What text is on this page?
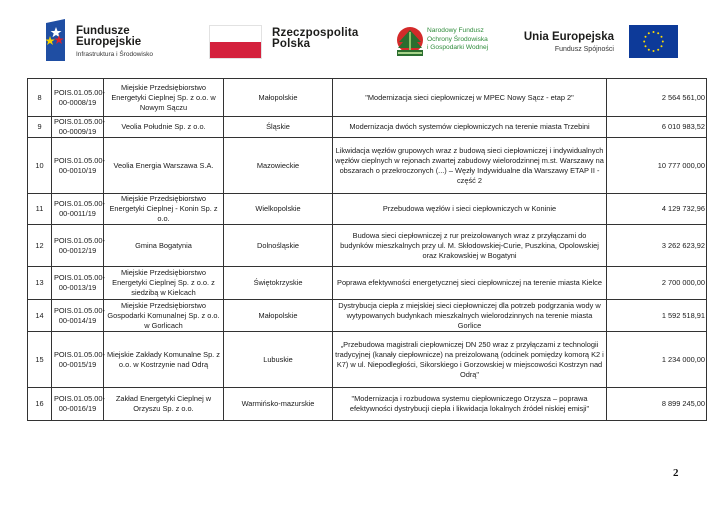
Fundusze
Europejskie
Infrastruktura i Środowisko
Rzeczpospolita
Polska
Narodowy Fundusz
Ochrony Środowiska
i Gospodarki Wodnej
Unia Europejska
Fundusz Spójności
8	POIS.01.05.00-00-0008/19	Miejskie Przedsiębiorstwo Energetyki Cieplnej Sp. z o.o. w Nowym Sączu	Małopolskie	"Modernizacja sieci ciepłowniczej w MPEC Nowy Sącz - etap 2"	2 564 561,00
9	POIS.01.05.00-00-0009/19	Veolia Południe Sp. z o.o.	Śląskie	Modernizacja dwóch systemów ciepłowniczych na terenie miasta Trzebini	6 010 983,52
10	POIS.01.05.00-00-0010/19	Veolia Energia Warszawa S.A.	Mazowieckie	Likwidacja węzłów grupowych wraz z budową sieci ciepłowniczej i indywidualnych węzłów cieplnych w rejonach zwartej zabudowy wielorodzinnej m.st. Warszawy na obszarach o przekroczonych (...) – Węzły Indywidualne dla Warszawy ETAP II - część 2	10 777 000,00
11	POIS.01.05.00-00-0011/19	Miejskie Przedsiębiorstwo Energetyki Cieplnej - Konin Sp. z o.o.	Wielkopolskie	Przebudowa węzłów i sieci ciepłowniczych w Koninie	4 129 732,96
12	POIS.01.05.00-00-0012/19	Gmina Bogatynia	Dolnośląskie	Budowa sieci ciepłowniczej z rur preizolowanych wraz z przyłączami do budynków mieszkalnych przy ul. M. Skłodowskiej-Curie, Puszkina, Opolowskiej oraz Krakowskiej w Bogatyni	3 262 623,92
13	POIS.01.05.00-00-0013/19	Miejskie Przedsiębiorstwo Energetyki Cieplnej Sp. z o.o. z siedzibą w Kielcach	Świętokrzyskie	Poprawa efektywności energetycznej sieci ciepłowniczej na terenie miasta Kielce	2 700 000,00
14	POIS.01.05.00-00-0014/19	Miejskie Przedsiębiorstwo Gospodarki Komunalnej Sp. z o.o. w Gorlicach	Małopolskie	Dystrybucja ciepła z miejskiej sieci ciepłowniczej dla potrzeb podgrzania wody w wytypowanych budynkach mieszkalnych wielorodzinnych na terenie miasta Gorlice	1 592 518,91
15	POIS.01.05.00-00-0015/19	Miejskie Zakłady Komunalne Sp. z o.o. w Kostrzynie nad Odrą	Lubuskie	„Przebudowa magistrali ciepłowniczej DN 250 wraz z przyłączami z technologii tradycyjnej (kanały ciepłownicze) na preizolowaną (odcinek pomiędzy komorą K2 i K7) w ul. Niepodległości, Sikorskiego i Gorzowskiej w miejscowości Kostrzyn nad Odrą"	1 234 000,00
16	POIS.01.05.00-00-0016/19	Zakład Energetyki Cieplnej w Orzyszu Sp. z o.o.	Warmińsko-mazurskie	"Modernizacja i rozbudowa systemu ciepłowniczego Orzysza – poprawa efektywności dystrybucji ciepła i likwidacja lokalnych źródeł niskiej emisji"	8 899 245,00
2
